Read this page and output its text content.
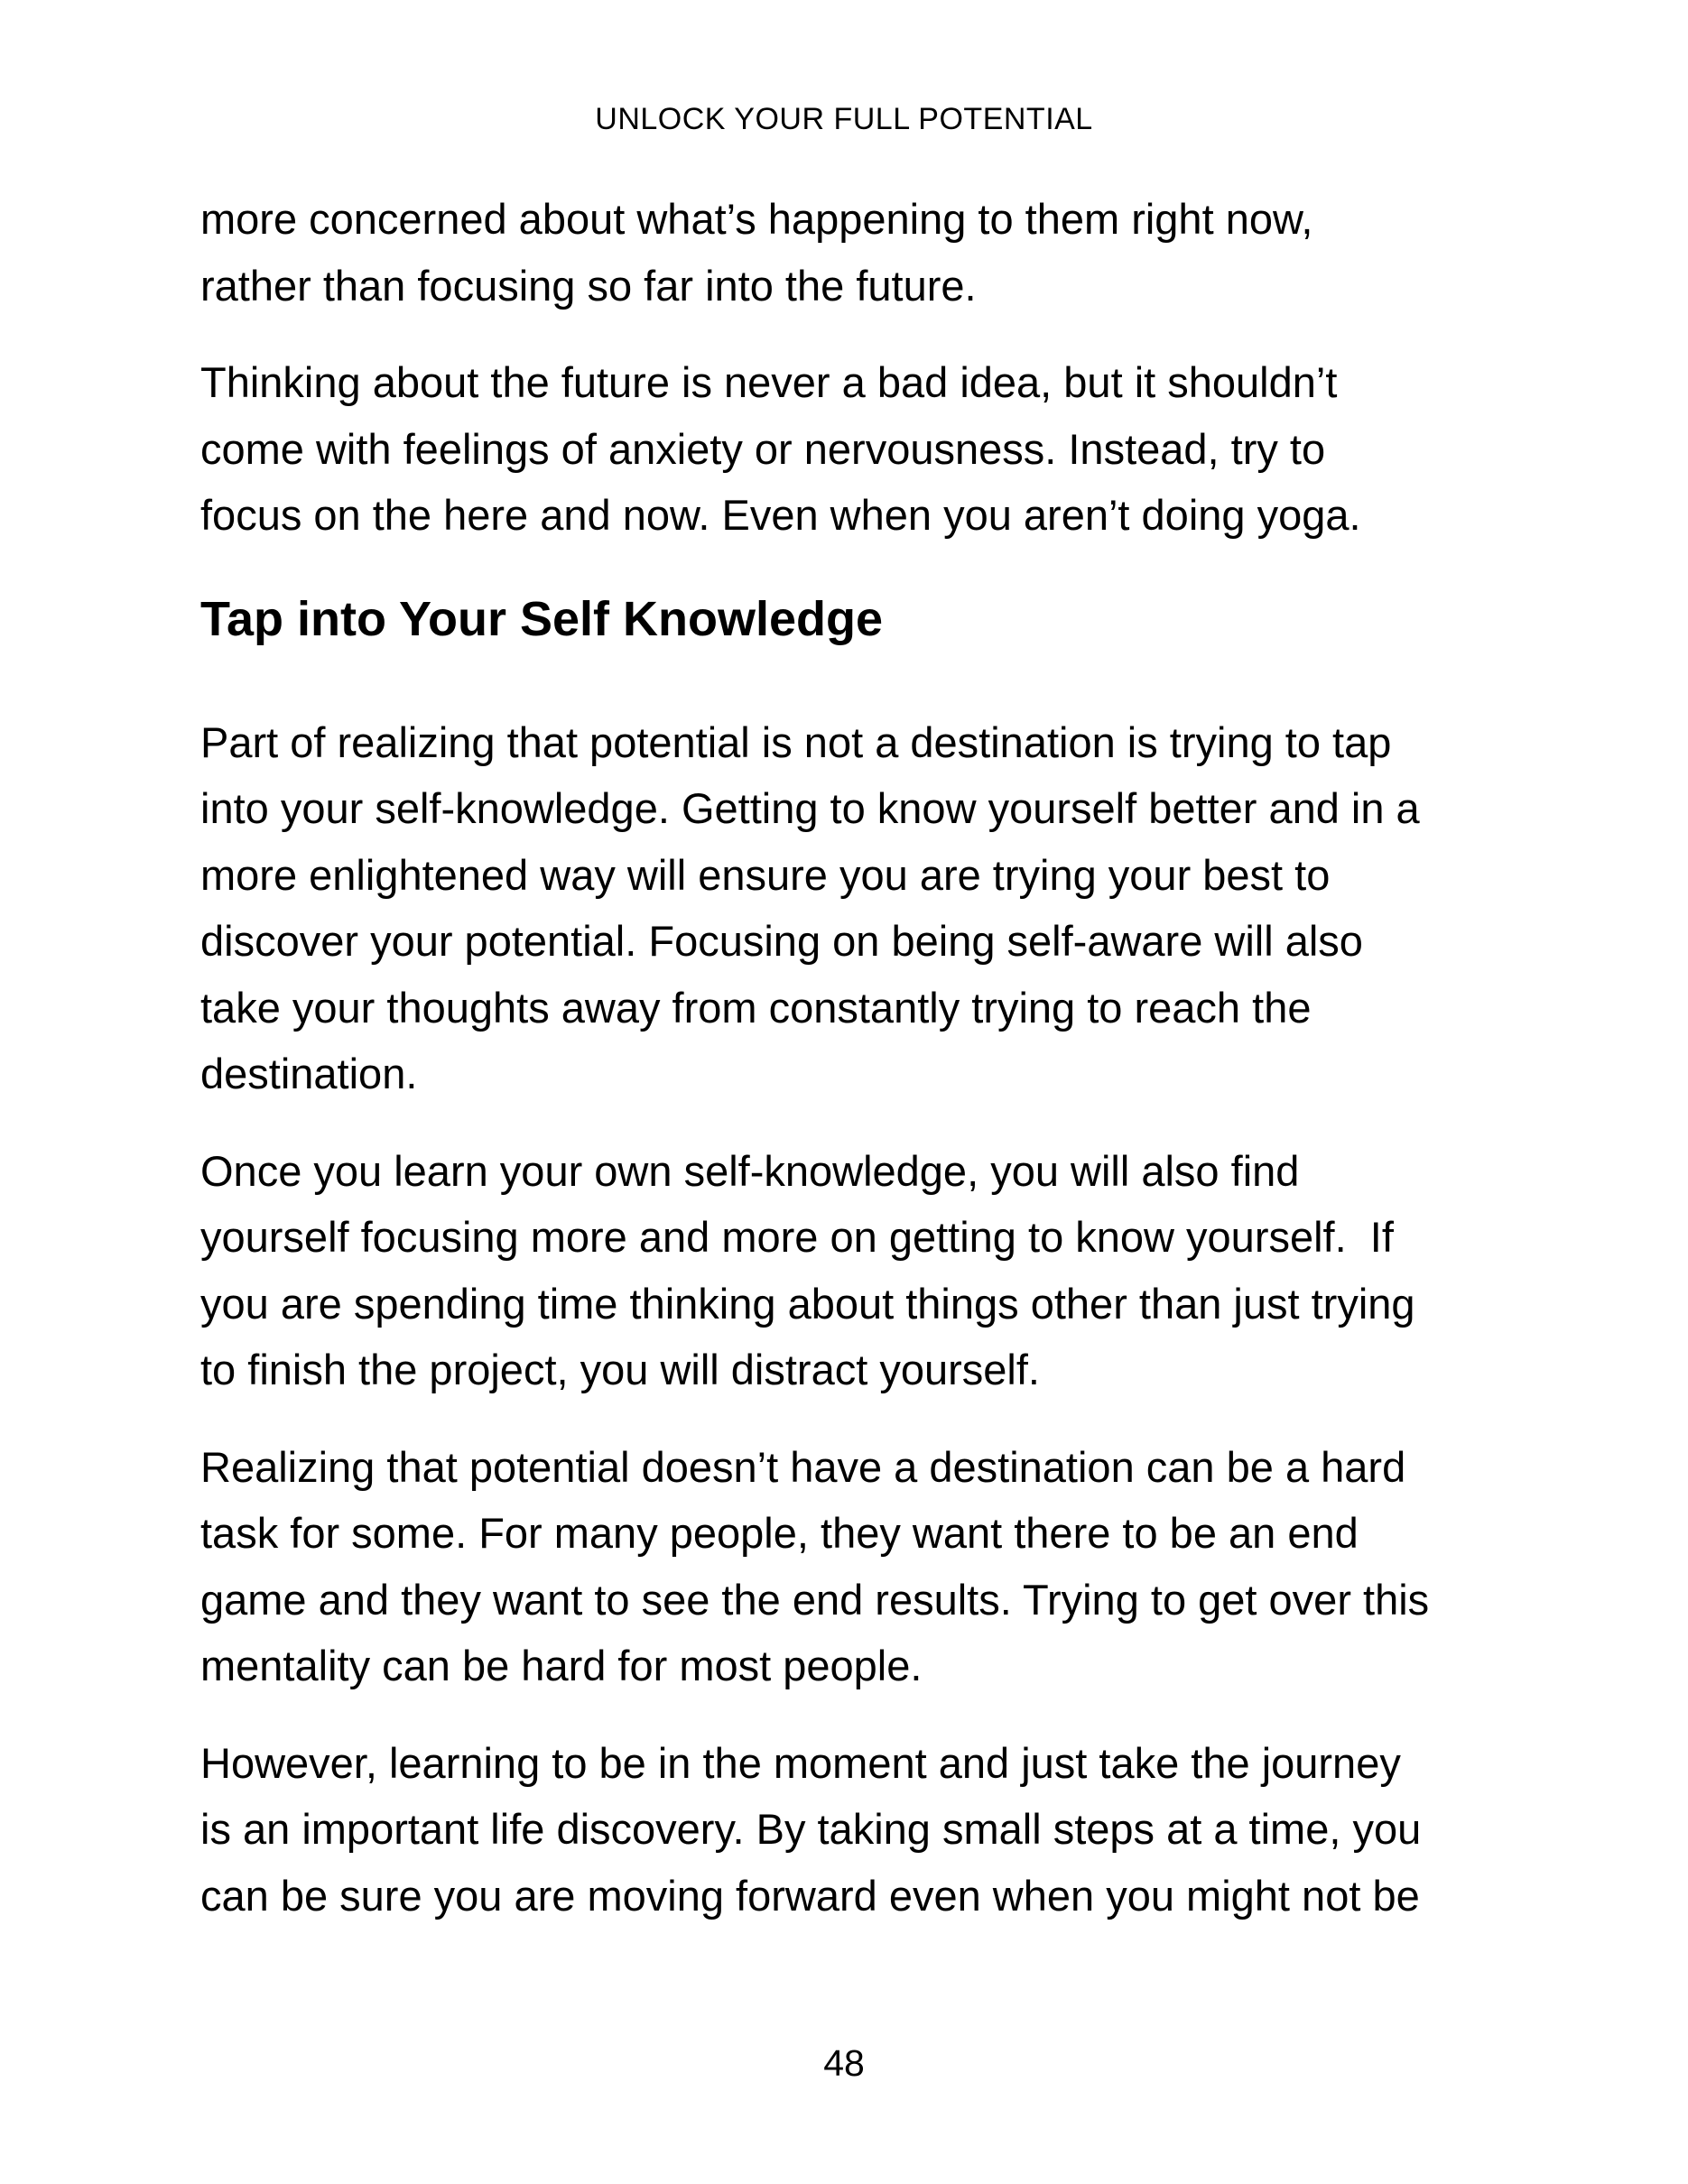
UNLOCK YOUR FULL POTENTIAL

more concerned about what’s happening to them right now,
rather than focusing so far into the future.

Thinking about the future is never a bad idea, but it shouldn’t
come with feelings of anxiety or nervousness. Instead, try to
focus on the here and now. Even when you aren’t doing yoga.

Tap into Your Self Knowledge

Part of realizing that potential is not a destination is trying to tap
into your self-knowledge. Getting to know yourself better and in a
more enlightened way will ensure you are trying your best to
discover your potential. Focusing on being self-aware will also
take your thoughts away from constantly trying to reach the
destination.

Once you learn your own self-knowledge, you will also find
yourself focusing more and more on getting to know yourself.  If
you are spending time thinking about things other than just trying
to finish the project, you will distract yourself.

Realizing that potential doesn’t have a destination can be a hard
task for some. For many people, they want there to be an end
game and they want to see the end results. Trying to get over this
mentality can be hard for most people.

However, learning to be in the moment and just take the journey
is an important life discovery. By taking small steps at a time, you
can be sure you are moving forward even when you might not be

48
